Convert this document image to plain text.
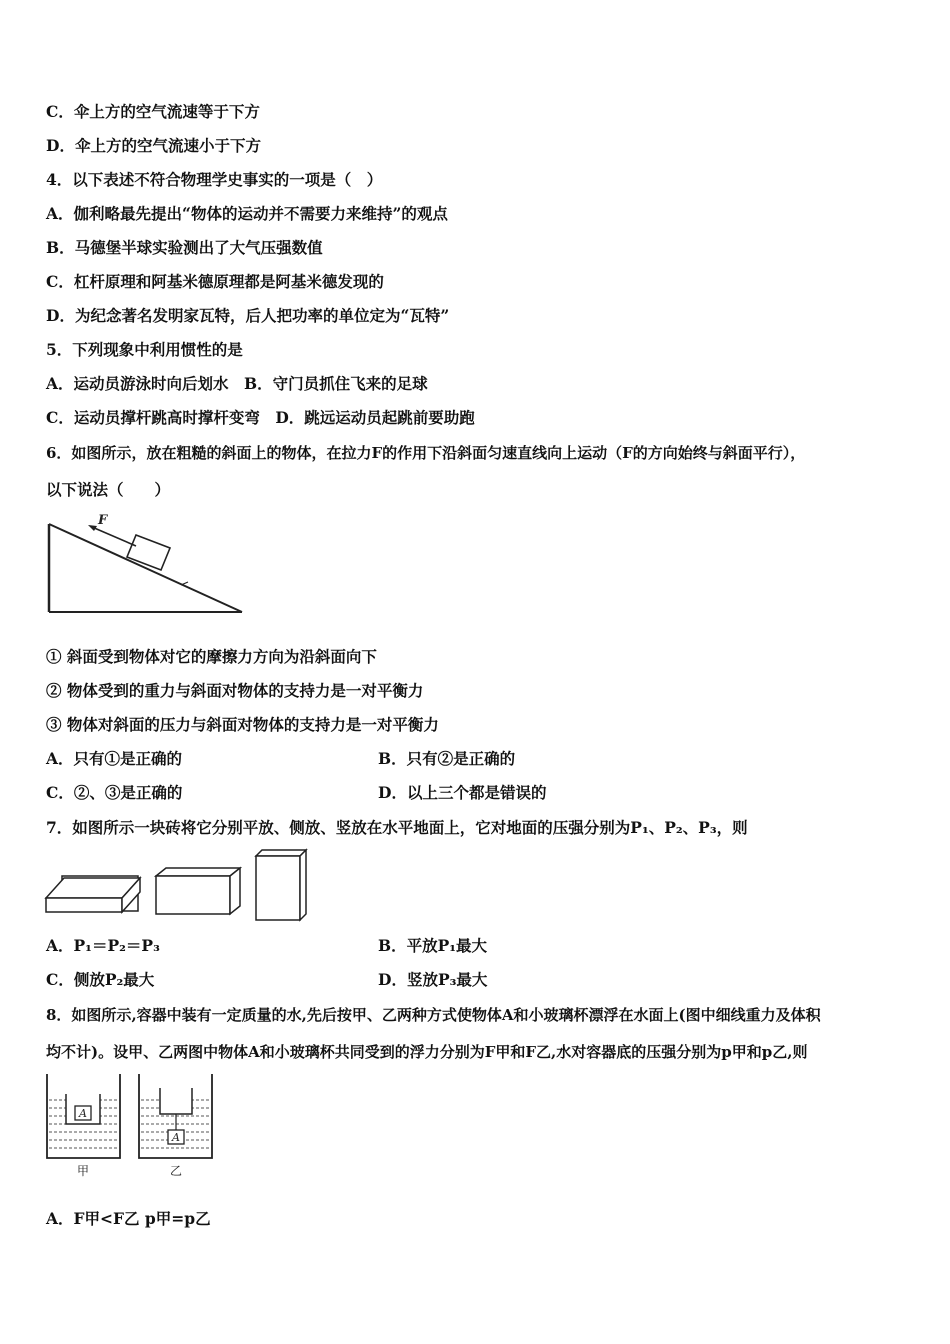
C．伞上方的空气流速等于下方
D．伞上方的空气流速小于下方
4．以下表述不符合物理学史事实的一项是（　）
A．伽利略最先提出“物体的运动并不需要力来维持”的观点
B．马德堡半球实验测出了大气压强数值
C．杠杆原理和阿基米德原理都是阿基米德发现的
D．为纪念著名发明家瓦特，后人把功率的单位定为“瓦特”
5．下列现象中利用惯性的是
A．运动员游泳时向后划水　B．守门员抓住飞来的足球
C．运动员撑杆跳高时撑杆变弯　D．跳远运动员起跳前要助跑
6．如图所示，放在粗糙的斜面上的物体，在拉力F的作用下沿斜面匀速直线向上运动（F的方向始终与斜面平行），
以下说法（　　）
F
① 斜面受到物体对它的摩擦力方向为沿斜面向下
② 物体受到的重力与斜面对物体的支持力是一对平衡力
③ 物体对斜面的压力与斜面对物体的支持力是一对平衡力
A．只有①是正确的	B．只有②是正确的
C．②、③是正确的	D．以上三个都是错误的
7．如图所示一块砖将它分别平放、侧放、竖放在水平地面上，它对地面的压强分别为P₁、P₂、P₃，则
A．P₁＝P₂＝P₃	B．平放P₁最大
C．侧放P₂最大	D．竖放P₃最大
8．如图所示,容器中装有一定质量的水,先后按甲、乙两种方式使物体A和小玻璃杯漂浮在水面上(图中细线重力及体积
均不计)。设甲、乙两图中物体A和小玻璃杯共同受到的浮力分别为F甲和F乙,水对容器底的压强分别为p甲和p乙,则
A
甲
A
乙
A．F甲<F乙 p甲=p乙
